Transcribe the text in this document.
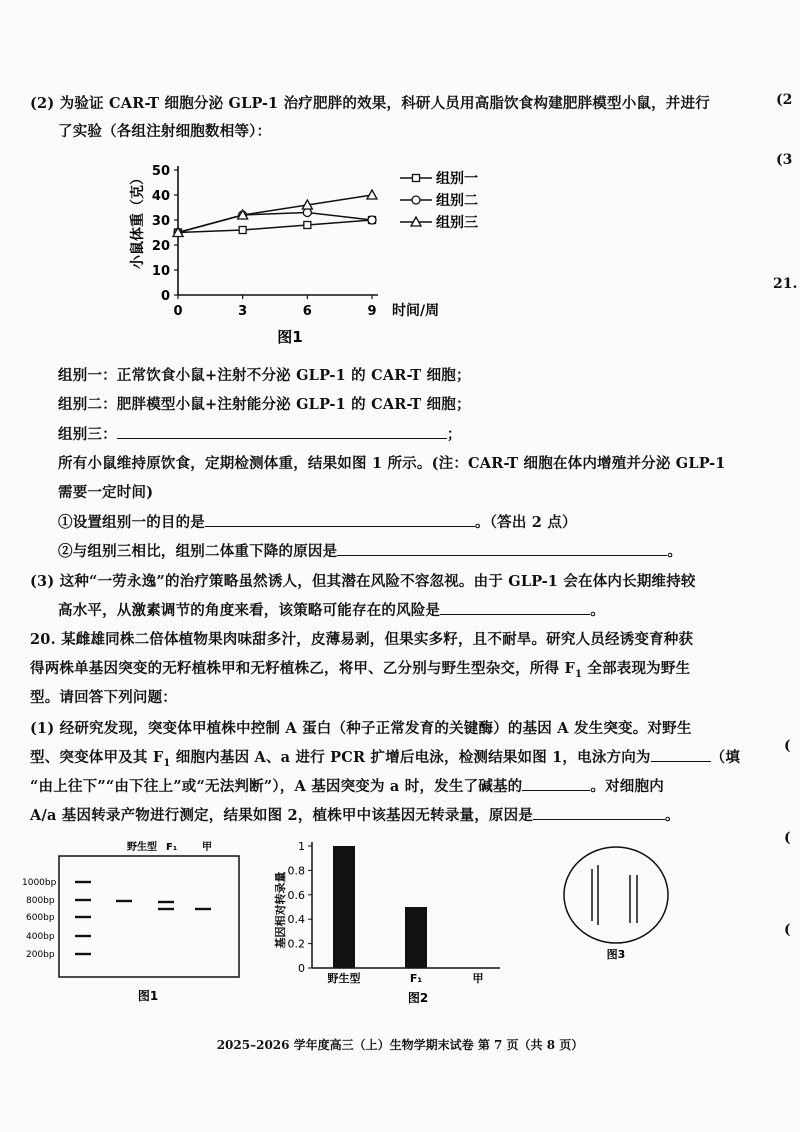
(2) 为验证 CAR-T 细胞分泌 GLP-1 治疗肥胖的效果，科研人员用高脂饮食构建肥胖模型小鼠，并进行
了实验（各组注射细胞数相等）：
0
10
20
30
40
50
0	3	6	9
组别一
组别二
组别三
小鼠体重（克）
时间/周
图1
组别一：正常饮食小鼠+注射不分泌 GLP-1 的 CAR-T 细胞；
组别二：肥胖模型小鼠+注射能分泌 GLP-1 的 CAR-T 细胞；
组别三：	；
所有小鼠维持原饮食，定期检测体重，结果如图 1 所示。(注：CAR-T 细胞在体内增殖并分泌 GLP-1
需要一定时间)
①设置组别一的目的是	。（答出 2 点）
②与组别三相比，组别二体重下降的原因是	。
(3) 这种“一劳永逸”的治疗策略虽然诱人，但其潜在风险不容忽视。由于 GLP-1 会在体内长期维持较
高水平，从激素调节的角度来看，该策略可能存在的风险是	。
20. 某雌雄同株二倍体植物果肉味甜多汁，皮薄易剥，但果实多籽，且不耐旱。研究人员经诱变育种获
得两株单基因突变的无籽植株甲和无籽植株乙，将甲、乙分别与野生型杂交，所得 $F_1$ 全部表现为野生
型。请回答下列问题：
(1) 经研究发现，突变体甲植株中控制 A 蛋白（种子正常发育的关键酶）的基因 A 发生突变。对野生
型、突变体甲及其 $F_1$ 细胞内基因 A、a 进行 PCR 扩增后电泳，检测结果如图 1，电泳方向为	（填
“由上往下”“由下往上”或“无法判断”），A 基因突变为 a 时，发生了碱基的	。对细胞内
A/a 基因转录产物进行测定，结果如图 2，植株甲中该基因无转录量，原因是	。
野生型 F₁ 甲
1000bp
800bp
600bp
400bp
200bp
图1
0
0.2
0.4
0.6
0.8
1
野生型	F₁	甲
基因相对转录量
图2
图3
(2
(3
21.
(
(
(
2025–2026 学年度高三（上）生物学期末试卷 第 7 页（共 8 页）
